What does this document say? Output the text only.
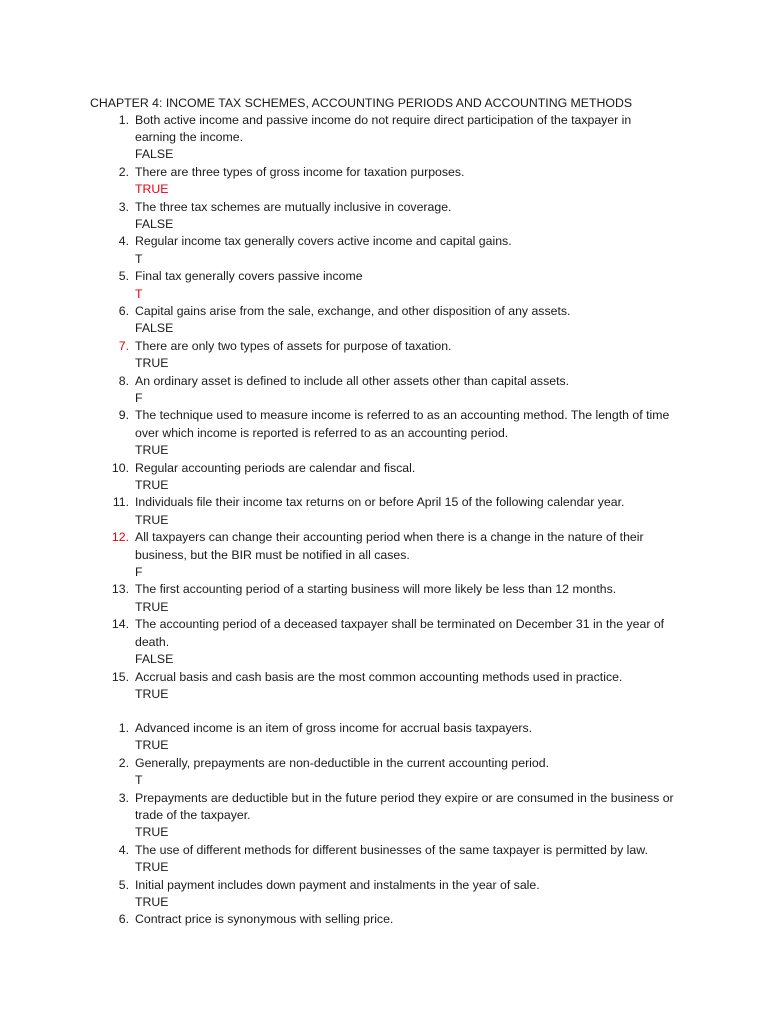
CHAPTER 4: INCOME TAX SCHEMES, ACCOUNTING PERIODS AND ACCOUNTING METHODS
1. Both active income and passive income do not require direct participation of the taxpayer in earning the income.
FALSE
2. There are three types of gross income for taxation purposes.
TRUE
3. The three tax schemes are mutually inclusive in coverage.
FALSE
4. Regular income tax generally covers active income and capital gains.
T
5. Final tax generally covers passive income
T
6. Capital gains arise from the sale, exchange, and other disposition of any assets.
FALSE
7. There are only two types of assets for purpose of taxation.
TRUE
8. An ordinary asset is defined to include all other assets other than capital assets.
F
9. The technique used to measure income is referred to as an accounting method. The length of time over which income is reported is referred to as an accounting period.
TRUE
10. Regular accounting periods are calendar and fiscal.
TRUE
11. Individuals file their income tax returns on or before April 15 of the following calendar year.
TRUE
12. All taxpayers can change their accounting period when there is a change in the nature of their business, but the BIR must be notified in all cases.
F
13. The first accounting period of a starting business will more likely be less than 12 months.
TRUE
14. The accounting period of a deceased taxpayer shall be terminated on December 31 in the year of death.
FALSE
15. Accrual basis and cash basis are the most common accounting methods used in practice.
TRUE
1. Advanced income is an item of gross income for accrual basis taxpayers.
TRUE
2. Generally, prepayments are non-deductible in the current accounting period.
T
3. Prepayments are deductible but in the future period they expire or are consumed in the business or trade of the taxpayer.
TRUE
4. The use of different methods for different businesses of the same taxpayer is permitted by law.
TRUE
5. Initial payment includes down payment and instalments in the year of sale.
TRUE
6. Contract price is synonymous with selling price.
